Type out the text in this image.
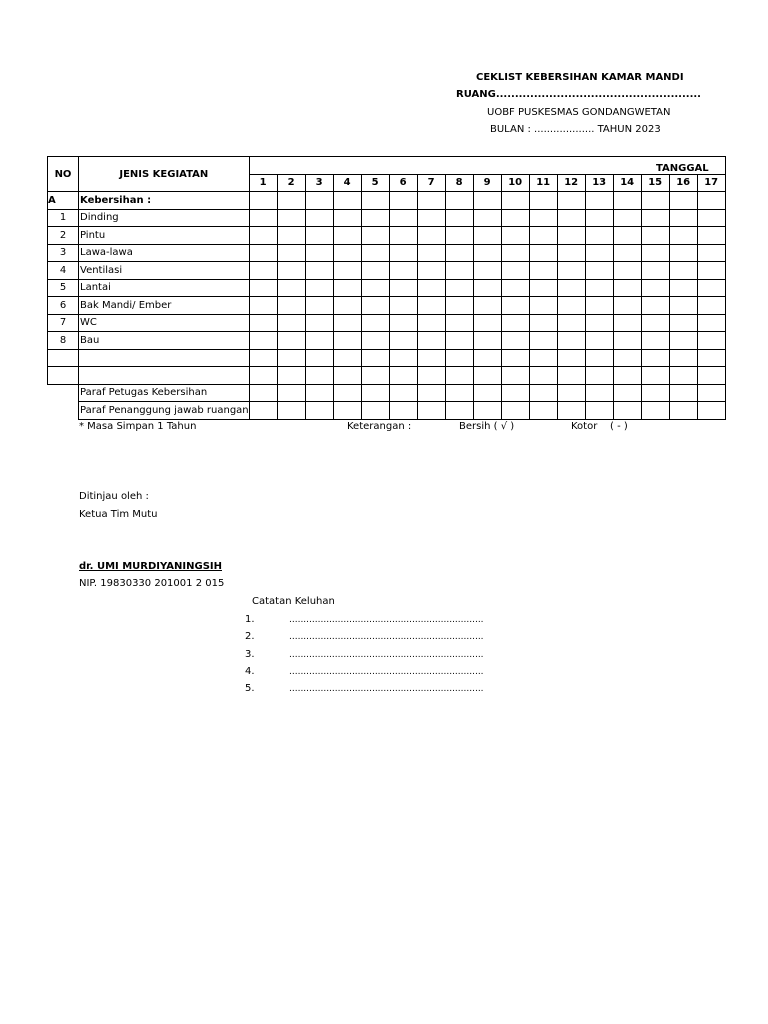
CEKLIST KEBERSIHAN KAMAR MANDI
RUANG......................................................
UOBF PUSKESMAS GONDANGWETAN
BULAN : ................... TAHUN 2023
NO	JENIS KEGIATAN	TANGGAL																
		1	2	3	4	5	6	7	8	9	10	11	12	13	14	15	16	17
A	Kebersihan :																	
1	Dinding																	
2	Pintu																	
3	Lawa-lawa																	
4	Ventilasi																	
5	Lantai																	
6	Bak Mandi/ Ember																	
7	WC																	
8	Bau																	

	Paraf Petugas Kebersihan																	
	Paraf Penanggung jawab ruangan																	
* Masa Simpan 1 Tahun	Keterangan :	Bersih ( √ )	Kotor ( - )
Ditinjau oleh :
Ketua Tim Mutu
dr. UMI MURDIYANINGSIH
NIP. 19830330 201001 2 015
Catatan Keluhan
1.	....................................................................
2.	....................................................................
3.	....................................................................
4.	....................................................................
5.	....................................................................
